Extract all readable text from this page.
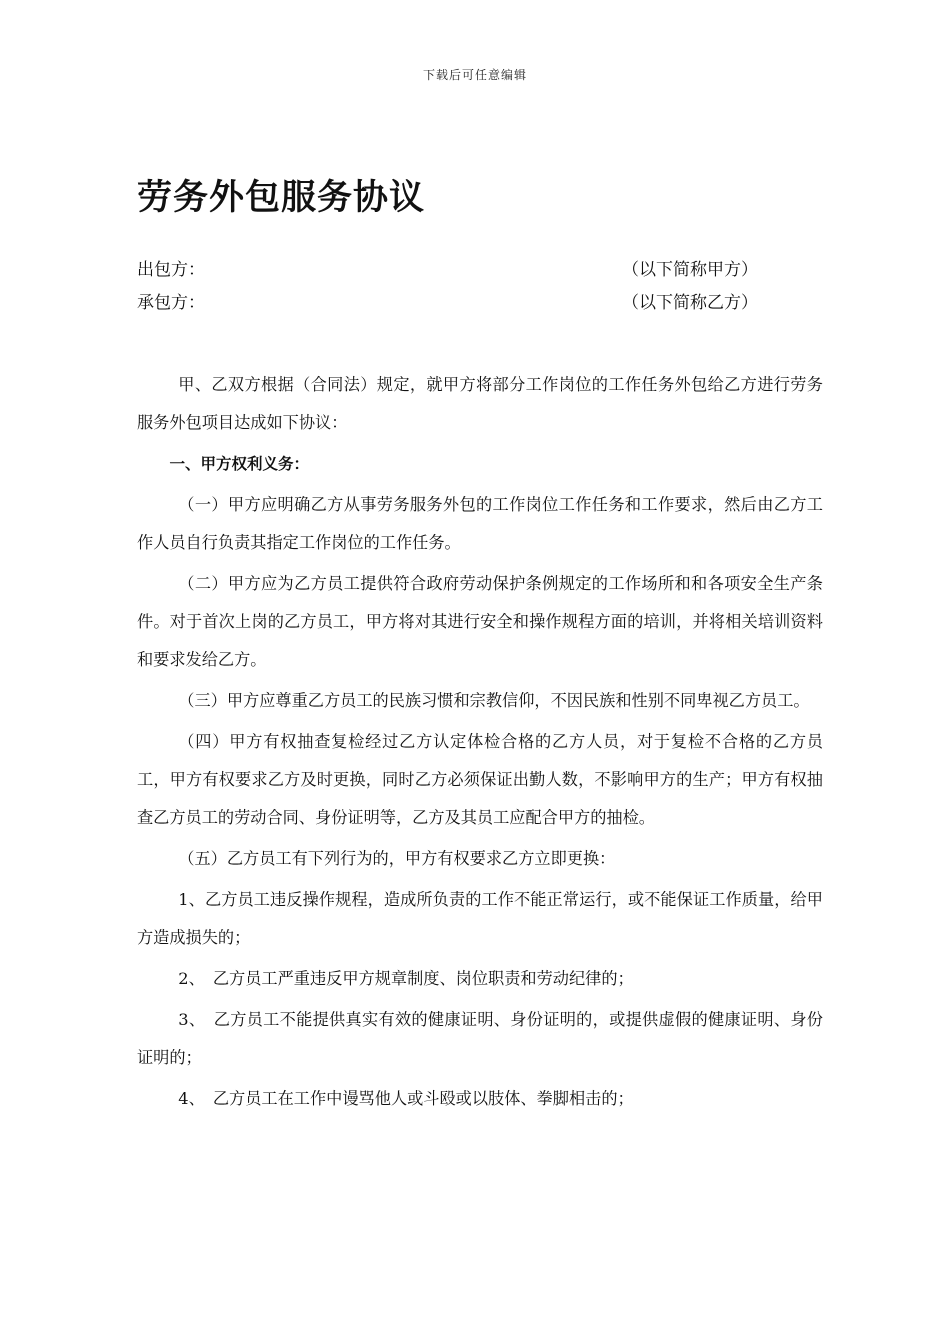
下载后可任意编辑
劳务外包服务协议
出包方：	（以下简称甲方）
承包方：	（以下简称乙方）

甲、乙双方根据（合同法）规定，就甲方将部分工作岗位的工作任务外包给乙方进行劳务服务外包项目达成如下协议：

一、甲方权利义务：

（一）甲方应明确乙方从事劳务服务外包的工作岗位工作任务和工作要求，然后由乙方工作人员自行负责其指定工作岗位的工作任务。

（二）甲方应为乙方员工提供符合政府劳动保护条例规定的工作场所和和各项安全生产条件。对于首次上岗的乙方员工，甲方将对其进行安全和操作规程方面的培训，并将相关培训资料和要求发给乙方。

（三）甲方应尊重乙方员工的民族习惯和宗教信仰，不因民族和性别不同卑视乙方员工。

（四）甲方有权抽查复检经过乙方认定体检合格的乙方人员，对于复检不合格的乙方员工，甲方有权要求乙方及时更换，同时乙方必须保证出勤人数，不影响甲方的生产；甲方有权抽查乙方员工的劳动合同、身份证明等，乙方及其员工应配合甲方的抽检。

（五）乙方员工有下列行为的，甲方有权要求乙方立即更换：

1、乙方员工违反操作规程，造成所负责的工作不能正常运行，或不能保证工作质量，给甲方造成损失的；

2、　乙方员工严重违反甲方规章制度、岗位职责和劳动纪律的；

3、　乙方员工不能提供真实有效的健康证明、身份证明的，或提供虚假的健康证明、身份证明的；

4、　乙方员工在工作中谩骂他人或斗殴或以肢体、拳脚相击的；
